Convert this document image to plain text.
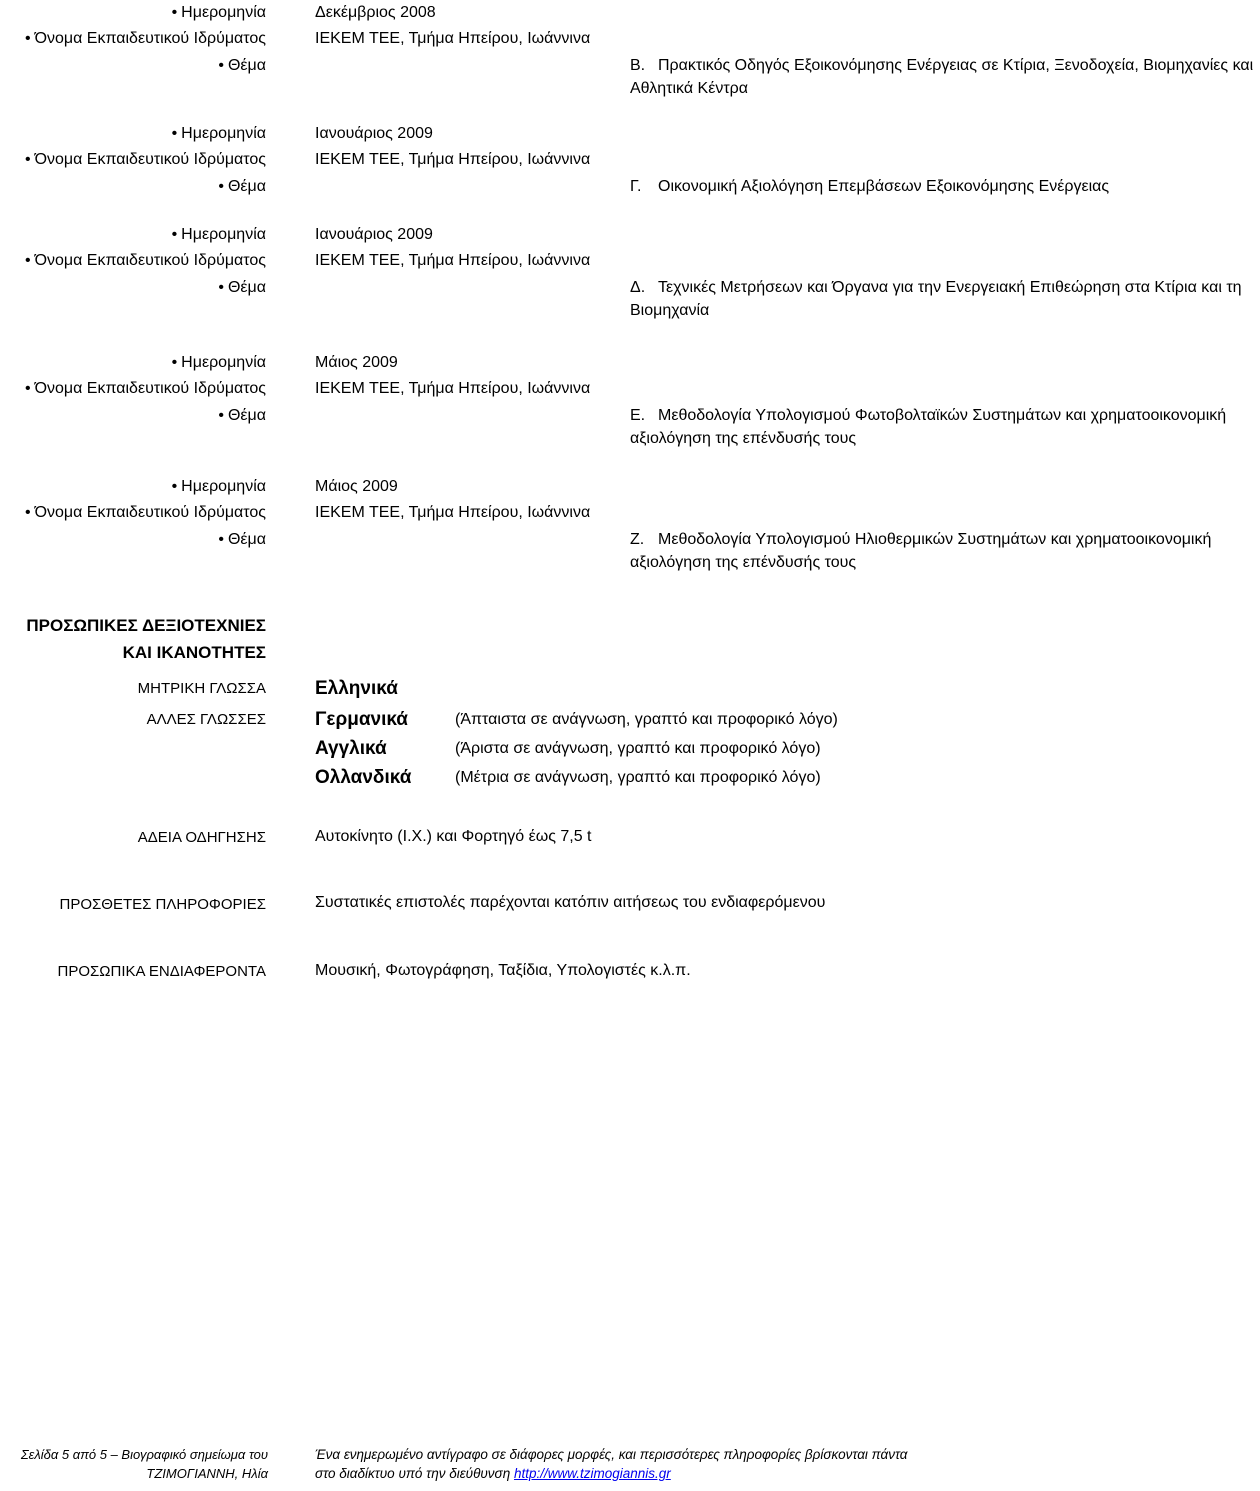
• Ημερομηνία	Δεκέμβριος 2008
• Όνομα Εκπαιδευτικού Ιδρύματος	ΙΕΚΕΜ ΤΕΕ, Τμήμα Ηπείρου, Ιωάννινα
• Θέμα	Β. Πρακτικός Οδηγός Εξοικονόμησης Ενέργειας σε Κτίρια, Ξενοδοχεία, Βιομηχανίες και Αθλητικά Κέντρα
• Ημερομηνία	Ιανουάριος 2009
• Όνομα Εκπαιδευτικού Ιδρύματος	ΙΕΚΕΜ ΤΕΕ, Τμήμα Ηπείρου, Ιωάννινα
• Θέμα	Γ. Οικονομική Αξιολόγηση Επεμβάσεων Εξοικονόμησης Ενέργειας
• Ημερομηνία	Ιανουάριος 2009
• Όνομα Εκπαιδευτικού Ιδρύματος	ΙΕΚΕΜ ΤΕΕ, Τμήμα Ηπείρου, Ιωάννινα
• Θέμα	Δ. Τεχνικές Μετρήσεων και Όργανα για την Ενεργειακή Επιθεώρηση στα Κτίρια και τη Βιομηχανία
• Ημερομηνία	Μάιος 2009
• Όνομα Εκπαιδευτικού Ιδρύματος	ΙΕΚΕΜ ΤΕΕ, Τμήμα Ηπείρου, Ιωάννινα
• Θέμα	Ε. Μεθοδολογία Υπολογισμού Φωτοβολταϊκών Συστημάτων και χρηματοοικονομική αξιολόγηση της επένδυσής τους
• Ημερομηνία	Μάιος 2009
• Όνομα Εκπαιδευτικού Ιδρύματος	ΙΕΚΕΜ ΤΕΕ, Τμήμα Ηπείρου, Ιωάννινα
• Θέμα	Ζ. Μεθοδολογία Υπολογισμού Ηλιοθερμικών Συστημάτων και χρηματοοικονομική αξιολόγηση της επένδυσής τους
ΠΡΟΣΩΠΙΚΕΣ ΔΕΞΙΟΤΕΧΝΙΕΣ
ΚΑΙ ΙΚΑΝΟΤΗΤΕΣ
ΜΗΤΡΙΚΗ ΓΛΩΣΣΑ	Ελληνικά
ΑΛΛΕΣ ΓΛΩΣΣΕΣ	Γερμανικά	(Άπταιστα σε ανάγνωση, γραπτό και προφορικό λόγο)
Αγγλικά	(Άριστα σε ανάγνωση, γραπτό και προφορικό λόγο)
Ολλανδικά	(Μέτρια σε ανάγνωση, γραπτό και προφορικό λόγο)
ΑΔΕΙΑ ΟΔΗΓΗΣΗΣ	Αυτοκίνητο (Ι.Χ.) και Φορτηγό έως 7,5 t
ΠΡΟΣΘΕΤΕΣ ΠΛΗΡΟΦΟΡΙΕΣ	Συστατικές επιστολές παρέχονται κατόπιν αιτήσεως του ενδιαφερόμενου
ΠΡΟΣΩΠΙΚΑ ΕΝΔΙΑΦΕΡΟΝΤΑ	Μουσική, Φωτογράφηση, Ταξίδια, Υπολογιστές κ.λ.π.
Σελίδα 5 από 5 – Βιογραφικό σημείωμα του
ΤΖΙΜΟΓΙΑΝΝΗ, Ηλία
Ένα ενημερωμένο αντίγραφο σε διάφορες μορφές, και περισσότερες πληροφορίες βρίσκονται πάντα
στο διαδίκτυο υπό την διεύθυνση http://www.tzimogiannis.gr
